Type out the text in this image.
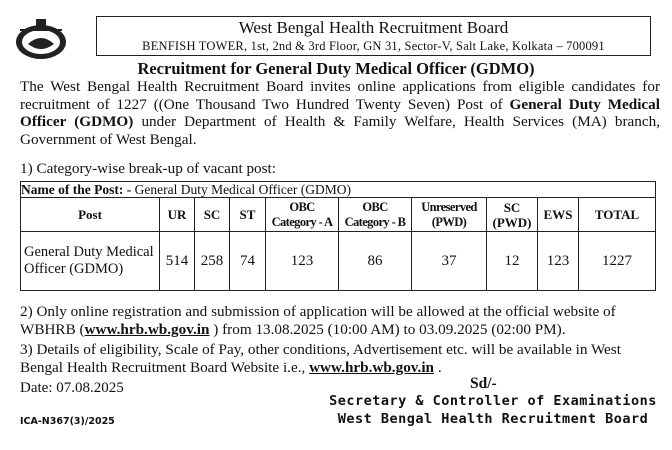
West Bengal Health Recruitment Board
BENFISH TOWER, 1st, 2nd & 3rd Floor, GN 31, Sector-V, Salt Lake, Kolkata – 700091
Recruitment for General Duty Medical Officer (GDMO)
The West Bengal Health Recruitment Board invites online applications from eligible candidates for recruitment of 1227 ((One Thousand Two Hundred Twenty Seven) Post of General Duty Medical Officer (GDMO) under Department of Health & Family Welfare, Health Services (MA) branch, Government of West Bengal.
1) Category-wise break-up of vacant post:
Name of the Post: - General Duty Medical Officer (GDMO)									
Post	UR	SC	ST	OBC Category - A	OBC Category - B	Unreserved (PWD)	SC (PWD)	EWS	TOTAL
General Duty Medical Officer (GDMO)	514	258	74	123	86	37	12	123	1227
2) Only online registration and submission of application will be allowed at the official website of WBHRB (www.hrb.wb.gov.in ) from 13.08.2025 (10:00 AM) to 03.09.2025 (02:00 PM).
3) Details of eligibility, Scale of Pay, other conditions, Advertisement etc. will be available in West Bengal Health Recruitment Board Website i.e., www.hrb.wb.gov.in .
Date: 07.08.2025
ICA-N367(3)/2025
Sd/-
Secretary & Controller of Examinations
West Bengal Health Recruitment Board
